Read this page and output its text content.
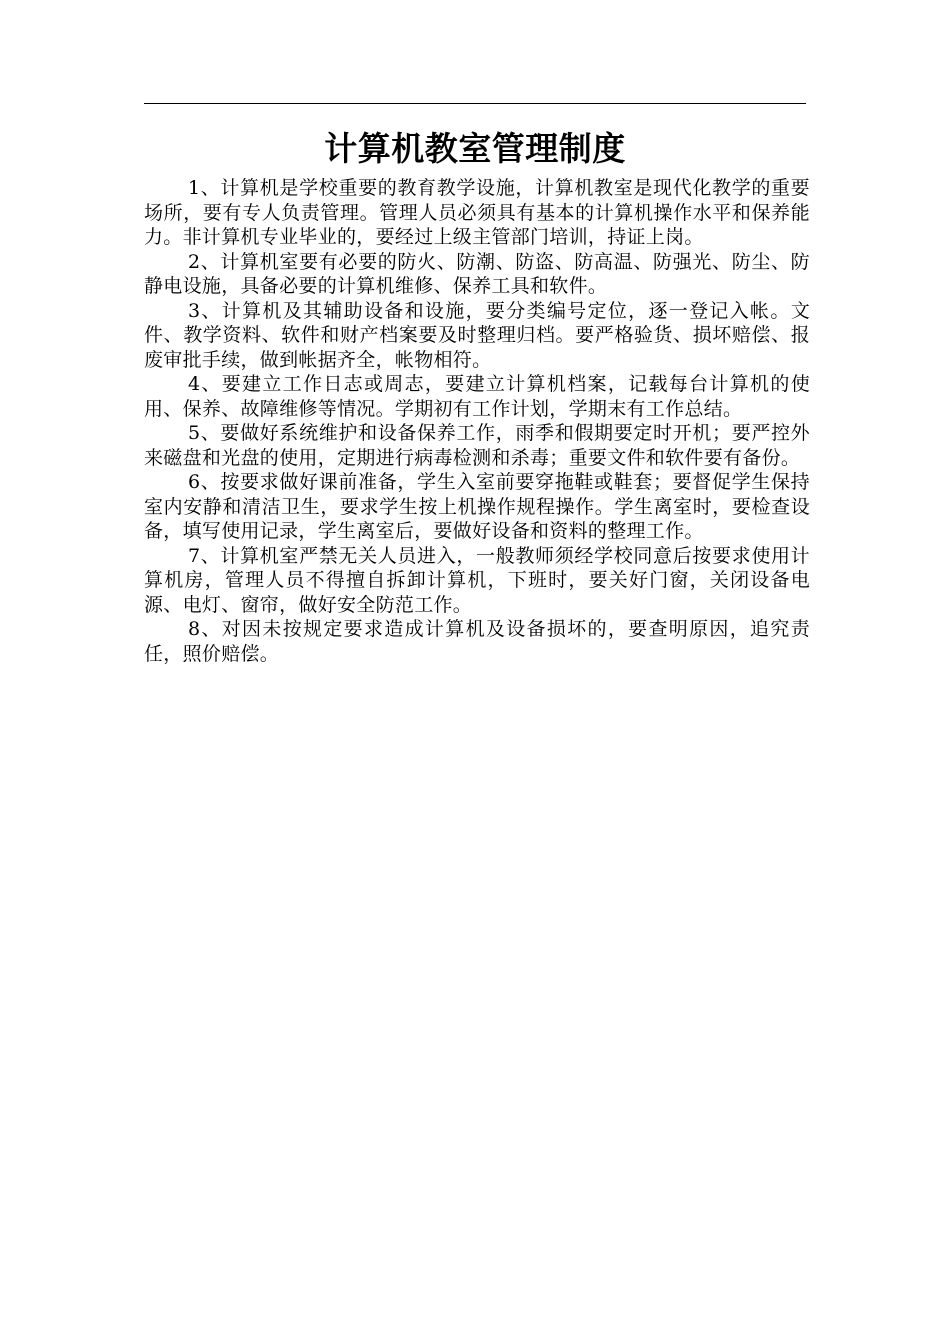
计算机教室管理制度

1、计算机是学校重要的教育教学设施，计算机教室是现代化教学的重要场所，要有专人负责管理。管理人员必须具有基本的计算机操作水平和保养能力。非计算机专业毕业的，要经过上级主管部门培训，持证上岗。

2、计算机室要有必要的防火、防潮、防盗、防高温、防强光、防尘、防静电设施，具备必要的计算机维修、保养工具和软件。

3、计算机及其辅助设备和设施，要分类编号定位，逐一登记入帐。文件、教学资料、软件和财产档案要及时整理归档。要严格验货、损坏赔偿、报废审批手续，做到帐据齐全，帐物相符。

4、要建立工作日志或周志，要建立计算机档案，记载每台计算机的使用、保养、故障维修等情况。学期初有工作计划，学期末有工作总结。

5、要做好系统维护和设备保养工作，雨季和假期要定时开机；要严控外来磁盘和光盘的使用，定期进行病毒检测和杀毒；重要文件和软件要有备份。

6、按要求做好课前准备，学生入室前要穿拖鞋或鞋套；要督促学生保持室内安静和清洁卫生，要求学生按上机操作规程操作。学生离室时，要检查设备，填写使用记录，学生离室后，要做好设备和资料的整理工作。

7、计算机室严禁无关人员进入，一般教师须经学校同意后按要求使用计算机房，管理人员不得擅自拆卸计算机，下班时，要关好门窗，关闭设备电源、电灯、窗帘，做好安全防范工作。

8、对因未按规定要求造成计算机及设备损坏的，要查明原因，追究责任，照价赔偿。
